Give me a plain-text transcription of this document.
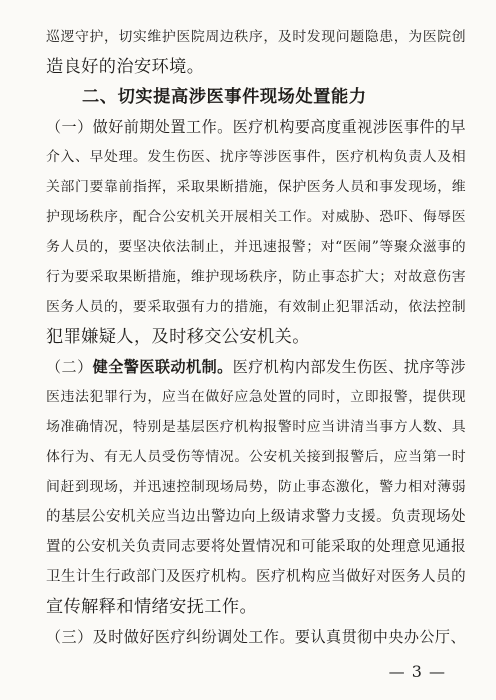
巡逻守护，切实维护医院周边秩序，及时发现问题隐患，为医院创
造良好的治安环境。
二、切实提高涉医事件现场处置能力
（一）做好前期处置工作。医疗机构要高度重视涉医事件的早
介入、早处理。发生伤医、扰序等涉医事件，医疗机构负责人及相
关部门要靠前指挥，采取果断措施，保护医务人员和事发现场，维
护现场秩序，配合公安机关开展相关工作。对威胁、恐吓、侮辱医
务人员的，要坚决依法制止，并迅速报警；对“医闹”等聚众滋事的
行为要采取果断措施，维护现场秩序，防止事态扩大；对故意伤害
医务人员的，要采取强有力的措施，有效制止犯罪活动，依法控制
犯罪嫌疑人，及时移交公安机关。
（二）健全警医联动机制。医疗机构内部发生伤医、扰序等涉
医违法犯罪行为，应当在做好应急处置的同时，立即报警，提供现
场准确情况，特别是基层医疗机构报警时应当讲清当事方人数、具
体行为、有无人员受伤等情况。公安机关接到报警后，应当第一时
间赶到现场，并迅速控制现场局势，防止事态激化，警力相对薄弱
的基层公安机关应当边出警边向上级请求警力支援。负责现场处
置的公安机关负责同志要将处置情况和可能采取的处理意见通报
卫生计生行政部门及医疗机构。医疗机构应当做好对医务人员的
宣传解释和情绪安抚工作。
（三）及时做好医疗纠纷调处工作。要认真贯彻中央办公厅、
— 3 —
